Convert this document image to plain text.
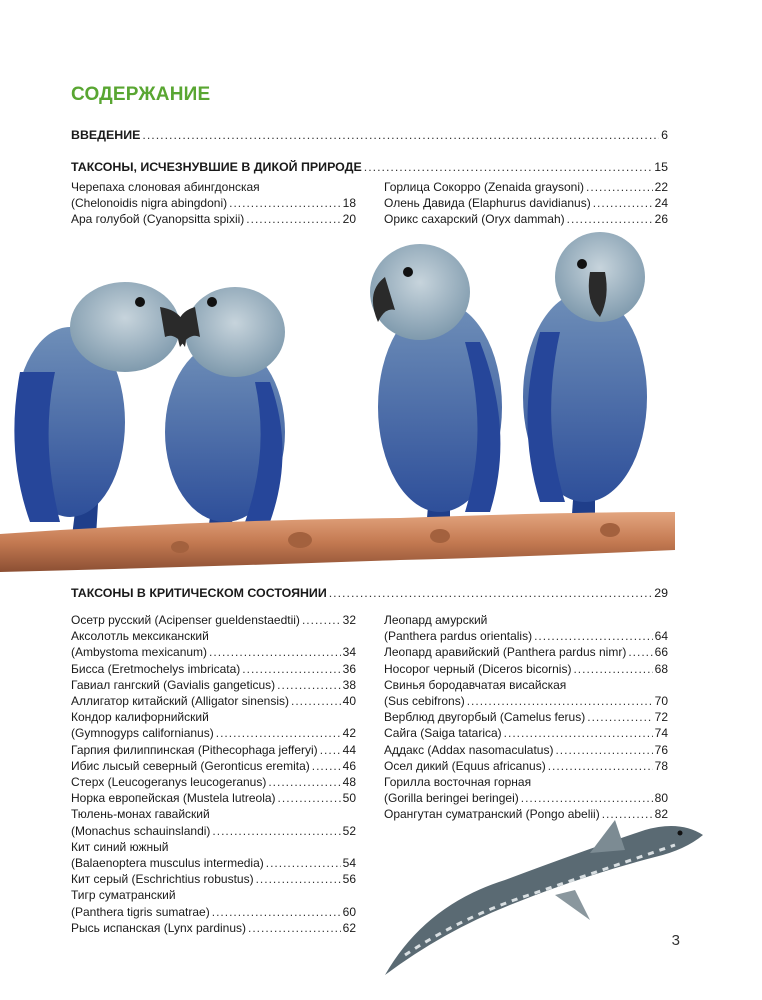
СОДЕРЖАНИЕ
ВВЕДЕНИЕ .....	6
ТАКСОНЫ, ИСЧЕЗНУВШИЕ В ДИКОЙ ПРИРОДЕ .....	15
Черепаха слоновая абингдонская
(Chelonoidis nigra abingdoni) .....	18
Ара голубой (Cyanopsitta spixii) .....	20
Горлица Сокорро (Zenaida graysoni) .....	22
Олень Давида (Elaphurus davidianus) .....	24
Орикс сахарский (Oryx dammah) .....	26
ТАКСОНЫ В КРИТИЧЕСКОМ СОСТОЯНИИ .....	29
Осетр русский (Acipenser gueldenstaedtii) .....	32
Аксолотль мексиканский
(Ambystoma mexicanum) .....	34
Бисса (Eretmochelys imbricata) .....	36
Гавиал гангский (Gavialis gangeticus) .....	38
Аллигатор китайский (Alligator sinensis) .....	40
Кондор калифорнийский
(Gymnogyps californianus) .....	42
Гарпия филиппинская (Pithecophaga jefferyi) ..... 44
Ибис лысый северный (Geronticus eremita) .....	46
Стерх (Leucogeranys leucogeranus) .....	48
Норка европейская (Mustela lutreola) .....	50
Тюлень-монах гавайский
(Monachus schauinslandi) .....	52
Кит синий южный
(Balaenoptera musculus intermedia) .....	54
Кит серый (Eschrichtius robustus) .....	56
Тигр суматранский
(Panthera tigris sumatrae) .....	60
Рысь испанская (Lynx pardinus) .....	62
Леопард амурский
(Panthera pardus orientalis) .....	64
Леопард аравийский (Panthera pardus nimr) ..... 66
Носорог черный (Diceros bicornis) .....	68
Свинья бородавчатая висайская
(Sus cebifrons) .....	70
Верблюд двугорбый (Camelus ferus) .....	72
Сайга (Saiga tatarica) .....	74
Аддакс (Addax nasomaculatus) .....	76
Осел дикий (Equus africanus) .....	78
Горилла восточная горная
(Gorilla beringei beringei) .....	80
Орангутан суматранский (Pongo abelii) .....	82
3
